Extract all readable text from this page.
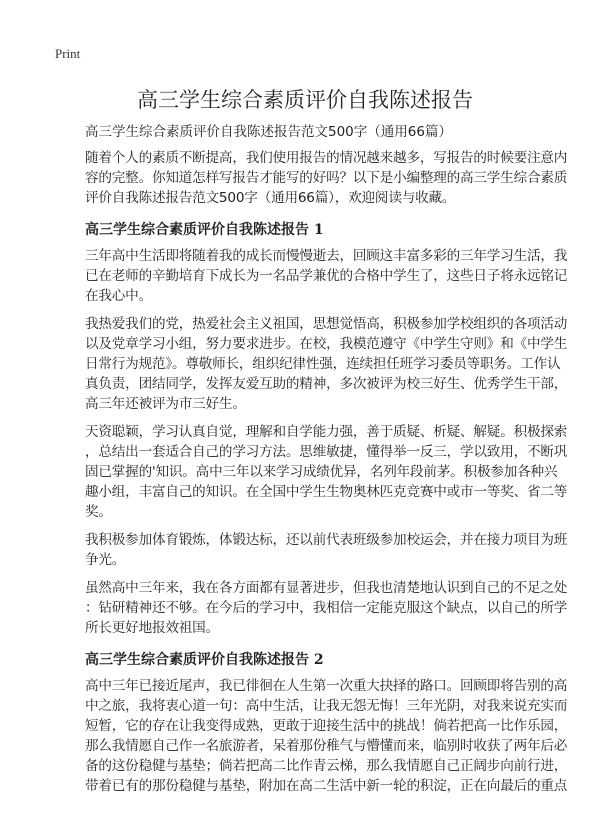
Print
高三学生综合素质评价自我陈述报告
高三学生综合素质评价自我陈述报告范文500字（通用66篇）

随着个人的素质不断提高，我们使用报告的情况越来越多，写报告的时候要注意内
容的完整。你知道怎样写报告才能写的好吗？以下是小编整理的高三学生综合素质
评价自我陈述报告范文500字（通用66篇），欢迎阅读与收藏。

高三学生综合素质评价自我陈述报告 1

三年高中生活即将随着我的成长而慢慢逝去，回顾这丰富多彩的三年学习生活，我
已在老师的辛勤培育下成长为一名品学兼优的合格中学生了，这些日子将永远铭记
在我心中。

我热爱我们的党，热爱社会主义祖国，思想觉悟高，积极参加学校组织的各项活动
以及党章学习小组，努力要求进步。在校，我模范遵守《中学生守则》和《中学生
日常行为规范》。尊敬师长，组织纪律性强，连续担任班学习委员等职务。工作认
真负责，团结同学，发挥友爱互助的精神，多次被评为校三好生、优秀学生干部，
高三年还被评为市三好生。

天资聪颖，学习认真自觉，理解和自学能力强，善于质疑、析疑、解疑。积极探索
，总结出一套适合自己的学习方法。思维敏捷，懂得举一反三，学以致用，不断巩
固已掌握的'知识。高中三年以来学习成绩优异，名列年段前茅。积极参加各种兴
趣小组，丰富自己的知识。在全国中学生生物奥林匹克竞赛中或市一等奖、省二等
奖。

我积极参加体育锻炼，体锻达标，还以前代表班级参加校运会，并在接力项目为班
争光。

虽然高中三年来，我在各方面都有显著进步，但我也清楚地认识到自己的不足之处
：钻研精神还不够。在今后的学习中，我相信一定能克服这个缺点，以自己的所学
所长更好地报效祖国。

高三学生综合素质评价自我陈述报告 2

高中三年已接近尾声，我已徘徊在人生第一次重大抉择的路口。回顾即将告别的高
中之旅，我将衷心道一句：高中生活，让我无怨无悔！三年光阴，对我来说充实而
短暂，它的存在让我变得成熟，更敢于迎接生活中的挑战！倘若把高一比作乐园，
那么我情愿自己作一名旅游者，呆着那份稚气与懵懂而来，临别时收获了两年后必
备的这份稳健与基垫；倘若把高二比作青云梯，那么我情愿自己正阔步向前行进，
带着已有的那份稳健与基垫，附加在高二生活中新一轮的积淀，正在向最后的重点
